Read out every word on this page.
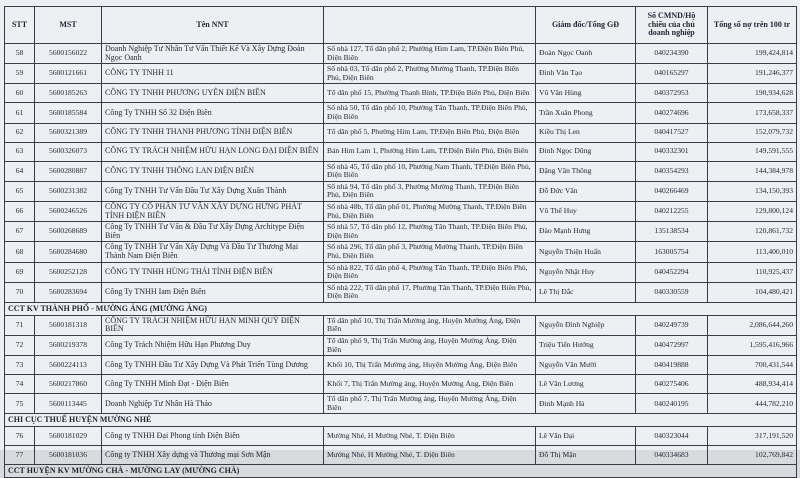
STT	MST	Tên NNT		Giám đốc/Tổng GĐ	Số CMND/Hộ chiếu của chủ doanh nghiệp	Tổng số nợ trên 100 tr
58	5600156022	Doanh Nghiệp Tư Nhân Tư Vấn Thiết Kế Và Xây Dựng Đoàn Ngọc Oanh	Số nhà 127, Tổ dân phố 2, Phường Him Lam, TP.Điện Biên Phủ, Điện Biên	Đoàn Ngọc Oanh	040234390	199,424,814
59	5600121661	CÔNG TY TNHH 11	Số nhà 03, Tổ dân phố 2, Phường Mường Thanh, TP.Điện Biên Phủ, Điện Biên	Đinh Văn Tạo	040165297	191,246,377
60	5600185263	CÔNG TY TNHH PHƯƠNG UYÊN ĐIỆN BIÊN	Tổ dân phố 15, Phường Thanh Bình, TP.Điện Biên Phủ, Điện Biên	Vũ Văn Hùng	040372953	190,934,628
61	5600185584	Công Ty TNHH Số 32 Điện Biên	Số nhà 50, Tổ dân phố 10, Phường Tân Thanh, TP.Điện Biên Phủ, Điện Biên	Trần Xuân Phong	040274696	173,658,337
62	5600321389	CÔNG TY TNHH THANH PHƯƠNG TỈNH ĐIỆN BIÊN	Tổ dân phố 5, Phường Him Lam, TP.Điện Biên Phủ, Điện Biên	Kiều Thị Len	040417527	152,079,732
63	5600326073	CÔNG TY TRÁCH NHIỆM HỮU HẠN LONG ĐẠI ĐIỆN BIÊN	Bản Him Lam 1, Phường Him Lam, TP.Điện Biên Phủ, Điện Biên	Đinh Ngọc Dũng	040332301	149,591,555
64	5600280887	CÔNG TY TNHH THÔNG LAN ĐIỆN BIÊN	Số nhà 45, Tổ dân phố 10, Phường Nam Thanh, TP.Điện Biên Phủ, Điện Biên	Đặng Văn Thông	040354293	144,384,978
65	5600231382	Công Ty TNHH Tư Vấn Đầu Tư Xây Dựng Xuân Thành	Số nhà 94, Tổ dân phố 3, Phường Mường Thanh, TP.Điện Biên Phủ, Điện Biên	Đỗ Đức Văn	040266469	134,150,393
66	5600246526	CÔNG TY CỔ PHẦN TƯ VẤN XÂY DỰNG HƯNG PHÁT TỈNH ĐIỆN BIÊN	Số nhà 48b, Tổ dân phố 01, Phường Mường Thanh, TP.Điện Biên Phủ, Điện Biên	Vũ Thế Huy	040212255	129,800,124
67	5600268689	Công Ty TNHH Tư Vấn & Đầu Tư Xây Dựng Architype Điện Biên	Số nhà 57, Tổ dân phố 12, Phường Tân Thanh, TP.Điện Biên Phủ, Điện Biên	Đào Mạnh Hưng	135138534	120,861,732
68	5600284680	Công Ty TNHH Tư Vấn Xây Dựng Và Đầu Tư Thương Mại Thành Nam Điện Biên	Số nhà 296, Tổ dân phố 3, Phường Mường Thanh, TP.Điện Biên Phủ, Điện Biên	Nguyễn Thiện Huấn	163005754	113,400,010
69	5600252128	CÔNG TY TNHH HÙNG THÁI TỈNH ĐIỆN BIÊN	Số nhà 822, Tổ dân phố 4, Phường Tân Thanh, TP.Điện Biên Phủ, Điện Biên	Nguyễn Nhật Huy	040452294	110,925,437
70	5600283694	Công Ty TNHH Iam Điện Biên	Số nhà 222, Tổ dân phố 17, Phường Tân Thanh, TP.Điện Biên Phủ, Điện Biên	Lê Thị Đắc	040330559	104,480,421
CCT KV THÀNH PHỐ - MƯỜNG ẢNG (MƯỜNG ẢNG)						
71	5600181318	CÔNG TY TRÁCH NHIỆM HỮU HẠN MINH QUÝ ĐIỆN BIÊN	Tổ dân phố 10, Thị Trấn Mường ảng, Huyện Mường Ảng, Điện Biên	Nguyễn Đình Nghiệp	040249739	2,086,644,260
72	5600219378	Công Ty Trách Nhiệm Hữu Hạn Phương Duy	Tổ dân phố 9, Thị Trấn Mường ảng, Huyện Mường Ảng, Điện Biên	Triệu Tiến Hướng	040472997	1,595,416,966
73	5600224113	Công Ty TNHH Đầu Tư Xây Dựng Và Phát Triển Tùng Dương	Khối 10, Thị Trấn Mường ảng, Huyện Mường Ảng, Điện Biên	Nguyễn Văn Mười	040419888	700,431,544
74	5600217860	Công Ty TNHH Minh Đạt - Điện Biên	Khối 7, Thị Trấn Mường ảng, Huyện Mường Ảng, Điện Biên	Lê Văn Lương	040275406	488,934,414
75	5600113445	Doanh Nghiệp Tư Nhân Hà Thảo	Tổ dân phố 7, Thị Trấn Mường ảng, Huyện Mường Ảng, Điện Biên	Đinh Mạnh Hà	040240195	444,782,210
CHI CỤC THUẾ HUYỆN MƯỜNG NHÉ						
76	5600181029	Công ty TNHH Đại Phong tỉnh Điện Biên	Mường Nhé, H Mường Nhé, T. Điện Biên	Lê Văn Đại	040323044	317,191,520
77	5600181036	Công ty TNHH Xây dựng và Thương mại Sơn Mận	Mường Nhé, H Mường Nhé, T. Điện Biên	Đỗ Thị Mận	040334683	102,769,842
CCT HUYỆN KV MƯỜNG CHÀ - MƯỜNG LAY (MƯỜNG CHÀ)						
